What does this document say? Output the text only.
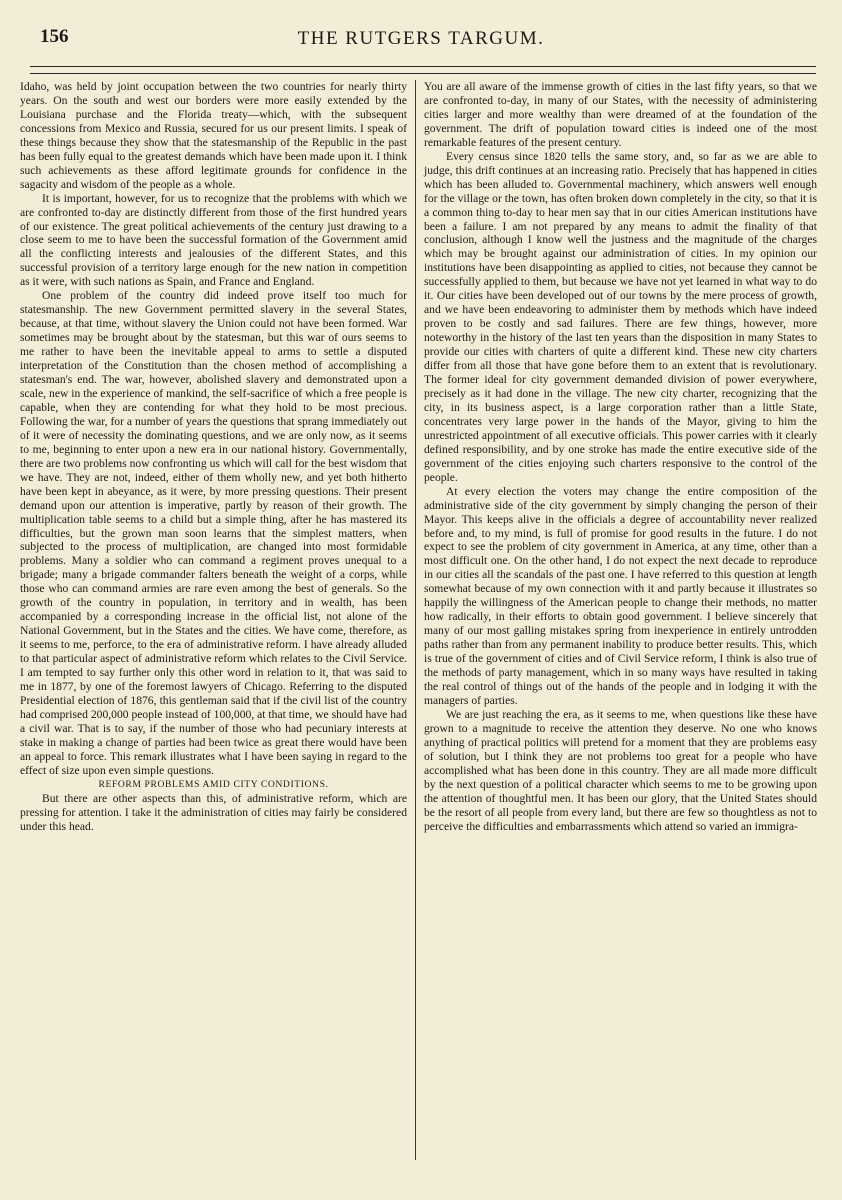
156	THE RUTGERS TARGUM.

Idaho, was held by joint occupation between the two countries for nearly thirty years. On the south and west our borders were more easily extended by the Louisiana purchase and the Florida treaty—which, with the subsequent concessions from Mexico and Russia, secured for us our present limits. I speak of these things because they show that the statesmanship of the Republic in the past has been fully equal to the greatest demands which have been made upon it. I think such achievements as these afford legitimate grounds for confidence in the sagacity and wisdom of the people as a whole.

It is important, however, for us to recognize that the problems with which we are confronted to-day are distinctly different from those of the first hundred years of our existence. The great political achievements of the century just drawing to a close seem to me to have been the successful formation of the Government amid all the conflicting interests and jealousies of the different States, and this successful provision of a territory large enough for the new nation in competition as it were, with such nations as Spain, and France and England.

One problem of the country did indeed prove itself too much for statesmanship. The new Government permitted slavery in the several States, because, at that time, without slavery the Union could not have been formed. War sometimes may be brought about by the statesman, but this war of ours seems to me rather to have been the inevitable appeal to arms to settle a disputed interpretation of the Constitution than the chosen method of accomplishing a statesman's end. The war, however, abolished slavery and demonstrated upon a scale, new in the experience of mankind, the self-sacrifice of which a free people is capable, when they are contending for what they hold to be most precious. Following the war, for a number of years the questions that sprang immediately out of it were of necessity the dominating questions, and we are only now, as it seems to me, beginning to enter upon a new era in our national history. Governmentally, there are two problems now confronting us which will call for the best wisdom that we have. They are not, indeed, either of them wholly new, and yet both hitherto have been kept in abeyance, as it were, by more pressing questions. Their present demand upon our attention is imperative, partly by reason of their growth. The multiplication table seems to a child but a simple thing, after he has mastered its difficulties, but the grown man soon learns that the simplest matters, when subjected to the process of multiplication, are changed into most formidable problems. Many a soldier who can command a regiment proves unequal to a brigade; many a brigade commander falters beneath the weight of a corps, while those who can command armies are rare even among the best of generals. So the growth of the country in population, in territory and in wealth, has been accompanied by a corresponding increase in the official list, not alone of the National Government, but in the States and the cities. We have come, therefore, as it seems to me, perforce, to the era of administrative reform. I have already alluded to that particular aspect of administrative reform which relates to the Civil Service. I am tempted to say further only this other word in relation to it, that was said to me in 1877, by one of the foremost lawyers of Chicago. Referring to the disputed Presidential election of 1876, this gentleman said that if the civil list of the country had comprised 200,000 people instead of 100,000, at that time, we should have had a civil war. That is to say, if the number of those who had pecuniary interests at stake in making a change of parties had been twice as great there would have been an appeal to force. This remark illustrates what I have been saying in regard to the effect of size upon even simple questions.

REFORM PROBLEMS AMID CITY CONDITIONS.

But there are other aspects than this, of administrative reform, which are pressing for attention. I take it the administration of cities may fairly be considered under this head.

You are all aware of the immense growth of cities in the last fifty years, so that we are confronted to-day, in many of our States, with the necessity of administering cities larger and more wealthy than were dreamed of at the foundation of the government. The drift of population toward cities is indeed one of the most remarkable features of the present century.

Every census since 1820 tells the same story, and, so far as we are able to judge, this drift continues at an increasing ratio. Precisely that has happened in cities which has been alluded to. Governmental machinery, which answers well enough for the village or the town, has often broken down completely in the city, so that it is a common thing to-day to hear men say that in our cities American institutions have been a failure. I am not prepared by any means to admit the finality of that conclusion, although I know well the justness and the magnitude of the charges which may be brought against our administration of cities. In my opinion our institutions have been disappointing as applied to cities, not because they cannot be successfully applied to them, but because we have not yet learned in what way to do it. Our cities have been developed out of our towns by the mere process of growth, and we have been endeavoring to administer them by methods which have indeed proven to be costly and sad failures. There are few things, however, more noteworthy in the history of the last ten years than the disposition in many States to provide our cities with charters of quite a different kind. These new city charters differ from all those that have gone before them to an extent that is revolutionary. The former ideal for city government demanded division of power everywhere, precisely as it had done in the village. The new city charter, recognizing that the city, in its business aspect, is a large corporation rather than a little State, concentrates very large power in the hands of the Mayor, giving to him the unrestricted appointment of all executive officials. This power carries with it clearly defined responsibility, and by one stroke has made the entire executive side of the government of the cities enjoying such charters responsive to the control of the people.

At every election the voters may change the entire composition of the administrative side of the city government by simply changing the person of their Mayor. This keeps alive in the officials a degree of accountability never realized before and, to my mind, is full of promise for good results in the future. I do not expect to see the problem of city government in America, at any time, other than a most difficult one. On the other hand, I do not expect the next decade to reproduce in our cities all the scandals of the past one. I have referred to this question at length somewhat because of my own connection with it and partly because it illustrates so happily the willingness of the American people to change their methods, no matter how radically, in their efforts to obtain good government. I believe sincerely that many of our most galling mistakes spring from inexperience in entirely untrodden paths rather than from any permanent inability to produce better results. This, which is true of the government of cities and of Civil Service reform, I think is also true of the methods of party management, which in so many ways have resulted in taking the real control of things out of the hands of the people and in lodging it with the managers of parties.

We are just reaching the era, as it seems to me, when questions like these have grown to a magnitude to receive the attention they deserve. No one who knows anything of practical politics will pretend for a moment that they are problems easy of solution, but I think they are not problems too great for a people who have accomplished what has been done in this country. They are all made more difficult by the next question of a political character which seems to me to be growing upon the attention of thoughtful men. It has been our glory, that the United States should be the resort of all people from every land, but there are few so thoughtless as not to perceive the difficulties and embarrassments which attend so varied an immigra-
